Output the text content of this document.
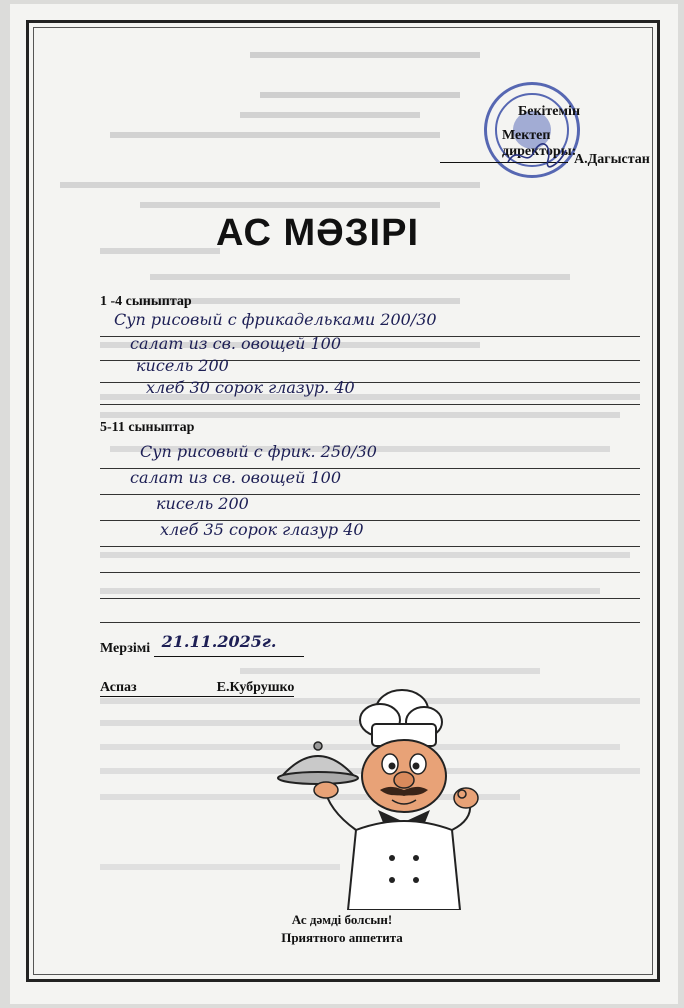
Бекітемін
Мектеп директоры:
А.Дагыстан
АС МӘЗІРІ
1 -4 сыныптар
Суп рисовый с фрикадельками 200/30
салат из св. овощей 100
кисель 200
хлеб 30 сорок глазур. 40
5-11 сыныптар
Суп рисовый с фрик. 250/30
салат из св. овощей 100
кисель 200
хлеб 35 сорок глазур 40
Мерзімі 21.11.2025г.
Аспаз	Е.Кубрушко
Ас дәмді болсын!
Приятного аппетита
